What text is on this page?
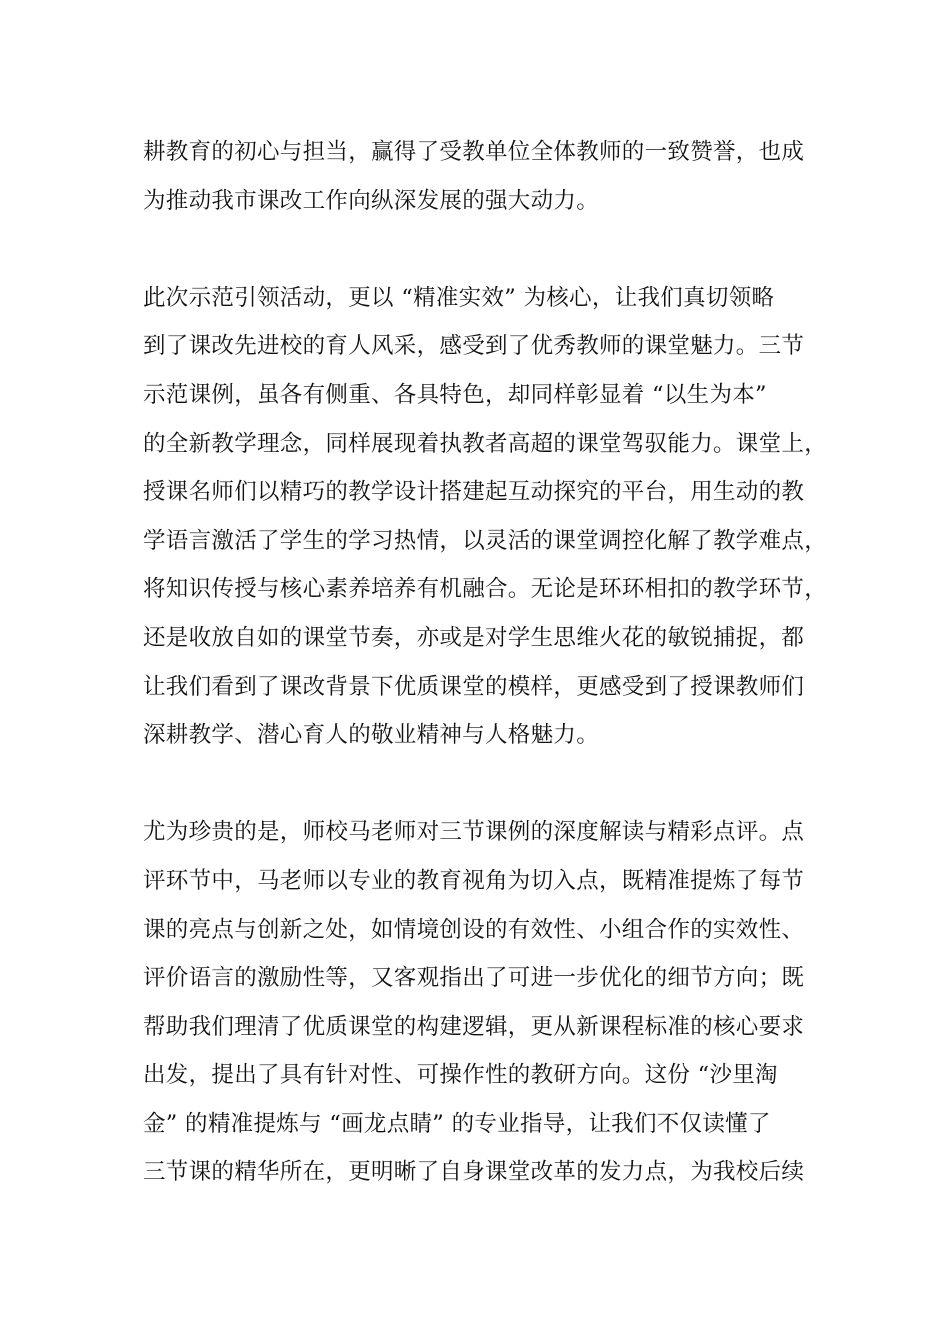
耕教育的初心与担当，赢得了受教单位全体教师的一致赞誉，也成
为推动我市课改工作向纵深发展的强大动力。
此次示范引领活动，更以 “精准实效” 为核心，让我们真切领略
到了课改先进校的育人风采，感受到了优秀教师的课堂魅力。三节
示范课例，虽各有侧重、各具特色，却同样彰显着 “以生为本”
的全新教学理念，同样展现着执教者高超的课堂驾驭能力。课堂上，
授课名师们以精巧的教学设计搭建起互动探究的平台，用生动的教
学语言激活了学生的学习热情，以灵活的课堂调控化解了教学难点，
将知识传授与核心素养培养有机融合。无论是环环相扣的教学环节，
还是收放自如的课堂节奏，亦或是对学生思维火花的敏锐捕捉，都
让我们看到了课改背景下优质课堂的模样，更感受到了授课教师们
深耕教学、潜心育人的敬业精神与人格魅力。
尤为珍贵的是，师校马老师对三节课例的深度解读与精彩点评。点
评环节中，马老师以专业的教育视角为切入点，既精准提炼了每节
课的亮点与创新之处，如情境创设的有效性、小组合作的实效性、
评价语言的激励性等，又客观指出了可进一步优化的细节方向；既
帮助我们理清了优质课堂的构建逻辑，更从新课程标准的核心要求
出发，提出了具有针对性、可操作性的教研方向。这份 “沙里淘
金” 的精准提炼与 “画龙点睛” 的专业指导，让我们不仅读懂了
三节课的精华所在，更明晰了自身课堂改革的发力点，为我校后续
